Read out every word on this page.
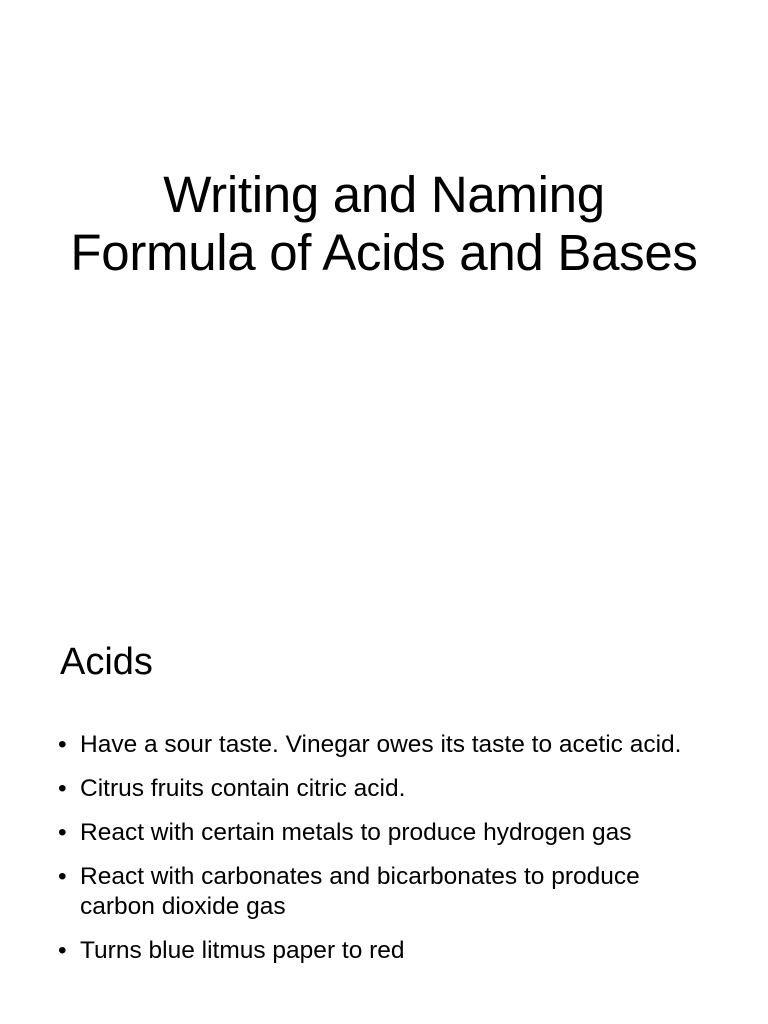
Writing and Naming
Formula of Acids and Bases
Acids
• Have a sour taste. Vinegar owes its taste to acetic acid.
• Citrus fruits contain citric acid.
• React with certain metals to produce hydrogen gas
• React with carbonates and bicarbonates to produce carbon dioxide gas
• Turns blue litmus paper to red
